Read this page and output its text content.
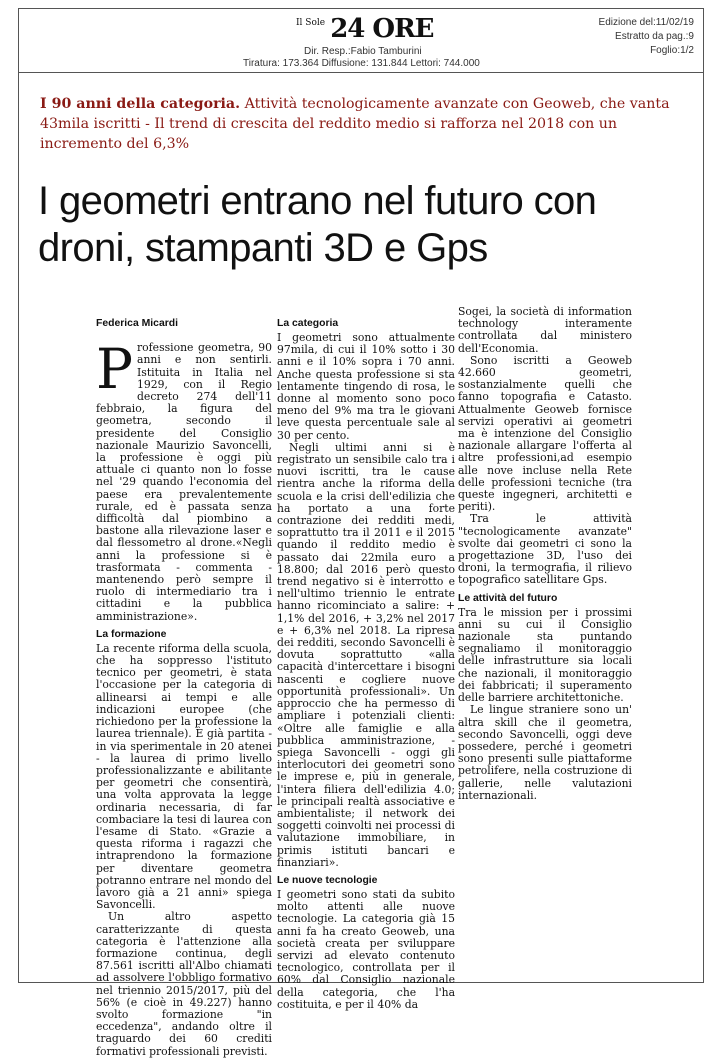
$^{Il Sole}$ 24 ORE
Dir. Resp.:Fabio Tamburini
Tiratura: 173.364 Diffusione: 131.844 Lettori: 744.000
Edizione del:11/02/19
Estratto da pag.:9
Foglio:1/2
I 90 anni della categoria. Attività tecnologicamente avanzate con Geoweb, che vanta 43mila iscritti - Il trend di crescita del reddito medio si rafforza nel 2018 con un incremento del 6,3%
I geometri entrano nel futuro con droni, stampanti 3D e Gps
Federica Micardi

Professione geometra, 90 anni e non sentirli. Istituita in Italia nel 1929, con il Regio decreto 274 dell'11 febbraio, la figura del geometra, secondo il presidente del Consiglio nazionale Maurizio Savoncelli, la professione è oggi più attuale ci quanto non lo fosse nel '29 quando l'economia del paese era prevalentemente rurale, ed è passata senza difficoltà dal piombino a bastone alla rilevazione laser e dal flessometro al drone.«Negli anni la professione si è trasformata - commenta - mantenendo però sempre il ruolo di intermediario tra i cittadini e la pubblica amministrazione».

La formazione

La recente riforma della scuola, che ha soppresso l'istituto tecnico per geometri, è stata l'occasione per la categoria di allinearsi ai tempi e alle indicazioni europee (che richiedono per la professione la laurea triennale). È già partita - in via sperimentale in 20 atenei - la laurea di primo livello professionalizzante e abilitante per geometri che consentirà, una volta approvata la legge ordinaria necessaria, di far combaciare la tesi di laurea con l'esame di Stato. «Grazie a questa riforma i ragazzi che intraprendono la formazione per diventare geometra potranno entrare nel mondo del lavoro già a 21 anni» spiega Savoncelli.

Un altro aspetto caratterizzante di questa categoria è l'attenzione alla formazione continua, degli 87.561 iscritti all'Albo chiamati ad assolvere l'obbligo formativo nel triennio 2015/2017, più del 56% (e cioè in 49.227) hanno svolto formazione "in eccedenza", andando oltre il traguardo dei 60 crediti formativi professionali previsti.

La categoria

I geometri sono attualmente 97mila, di cui il 10% sotto i 30 anni e il 10% sopra i 70 anni. Anche questa professione si sta lentamente tingendo di rosa, le donne al momento sono poco meno del 9% ma tra le giovani leve questa percentuale sale al 30 per cento.

Negli ultimi anni si è registrato un sensibile calo tra i nuovi iscritti, tra le cause rientra anche la riforma della scuola e la crisi dell'edilizia che ha portato a una forte contrazione dei redditi medi, soprattutto tra il 2011 e il 2015 quando il reddito medio è passato dai 22mila euro a 18.800; dal 2016 però questo trend negativo si è interrotto e nell'ultimo triennio le entrate hanno ricominciato a salire: + 1,1% del 2016, + 3,2% nel 2017 e + 6,3% nel 2018. La ripresa dei redditi, secondo Savoncelli è dovuta soprattutto «alla capacità d'intercettare i bisogni nascenti e cogliere nuove opportunità professionali». Un approccio che ha permesso di ampliare i potenziali clienti: «Oltre alle famiglie e alla pubblica amministrazione, - spiega Savoncelli - oggi gli interlocutori dei geometri sono le imprese e, più in generale, l'intera filiera dell'edilizia 4.0; le principali realtà associative e ambientaliste; il network dei soggetti coinvolti nei processi di valutazione immobiliare, in primis istituti bancari e finanziari».

Le nuove tecnologie

I geometri sono stati da subito molto attenti alle nuove tecnologie. La categoria già 15 anni fa ha creato Geoweb, una società creata per sviluppare servizi ad elevato contenuto tecnologico, controllata per il 60% dal Consiglio nazionale della categoria, che l'ha costituita, e per il 40% da

Sogei, la società di information technology interamente controllata dal ministero dell'Economia.

Sono iscritti a Geoweb 42.660 geometri, sostanzialmente quelli che fanno topografia e Catasto. Attualmente Geoweb fornisce servizi operativi ai geometri ma è intenzione del Consiglio nazionale allargare l'offerta al altre professioni,ad esempio alle nove incluse nella Rete delle professioni tecniche (tra queste ingegneri, architetti e periti).

Tra le attività "tecnologicamente avanzate" svolte dai geometri ci sono la progettazione 3D, l'uso dei droni, la termografia, il rilievo topografico satellitare Gps.

Le attività del futuro

Tra le mission per i prossimi anni su cui il Consiglio nazionale sta puntando segnaliamo il monitoraggio delle infrastrutture sia locali che nazionali, il monitoraggio dei fabbricati; il superamento delle barriere architettoniche.

Le lingue straniere sono un' altra skill che il geometra, secondo Savoncelli, oggi deve possedere, perché i geometri sono presenti sulle piattaforme petrolifere, nella costruzione di gallerie, nelle valutazioni internazionali.
